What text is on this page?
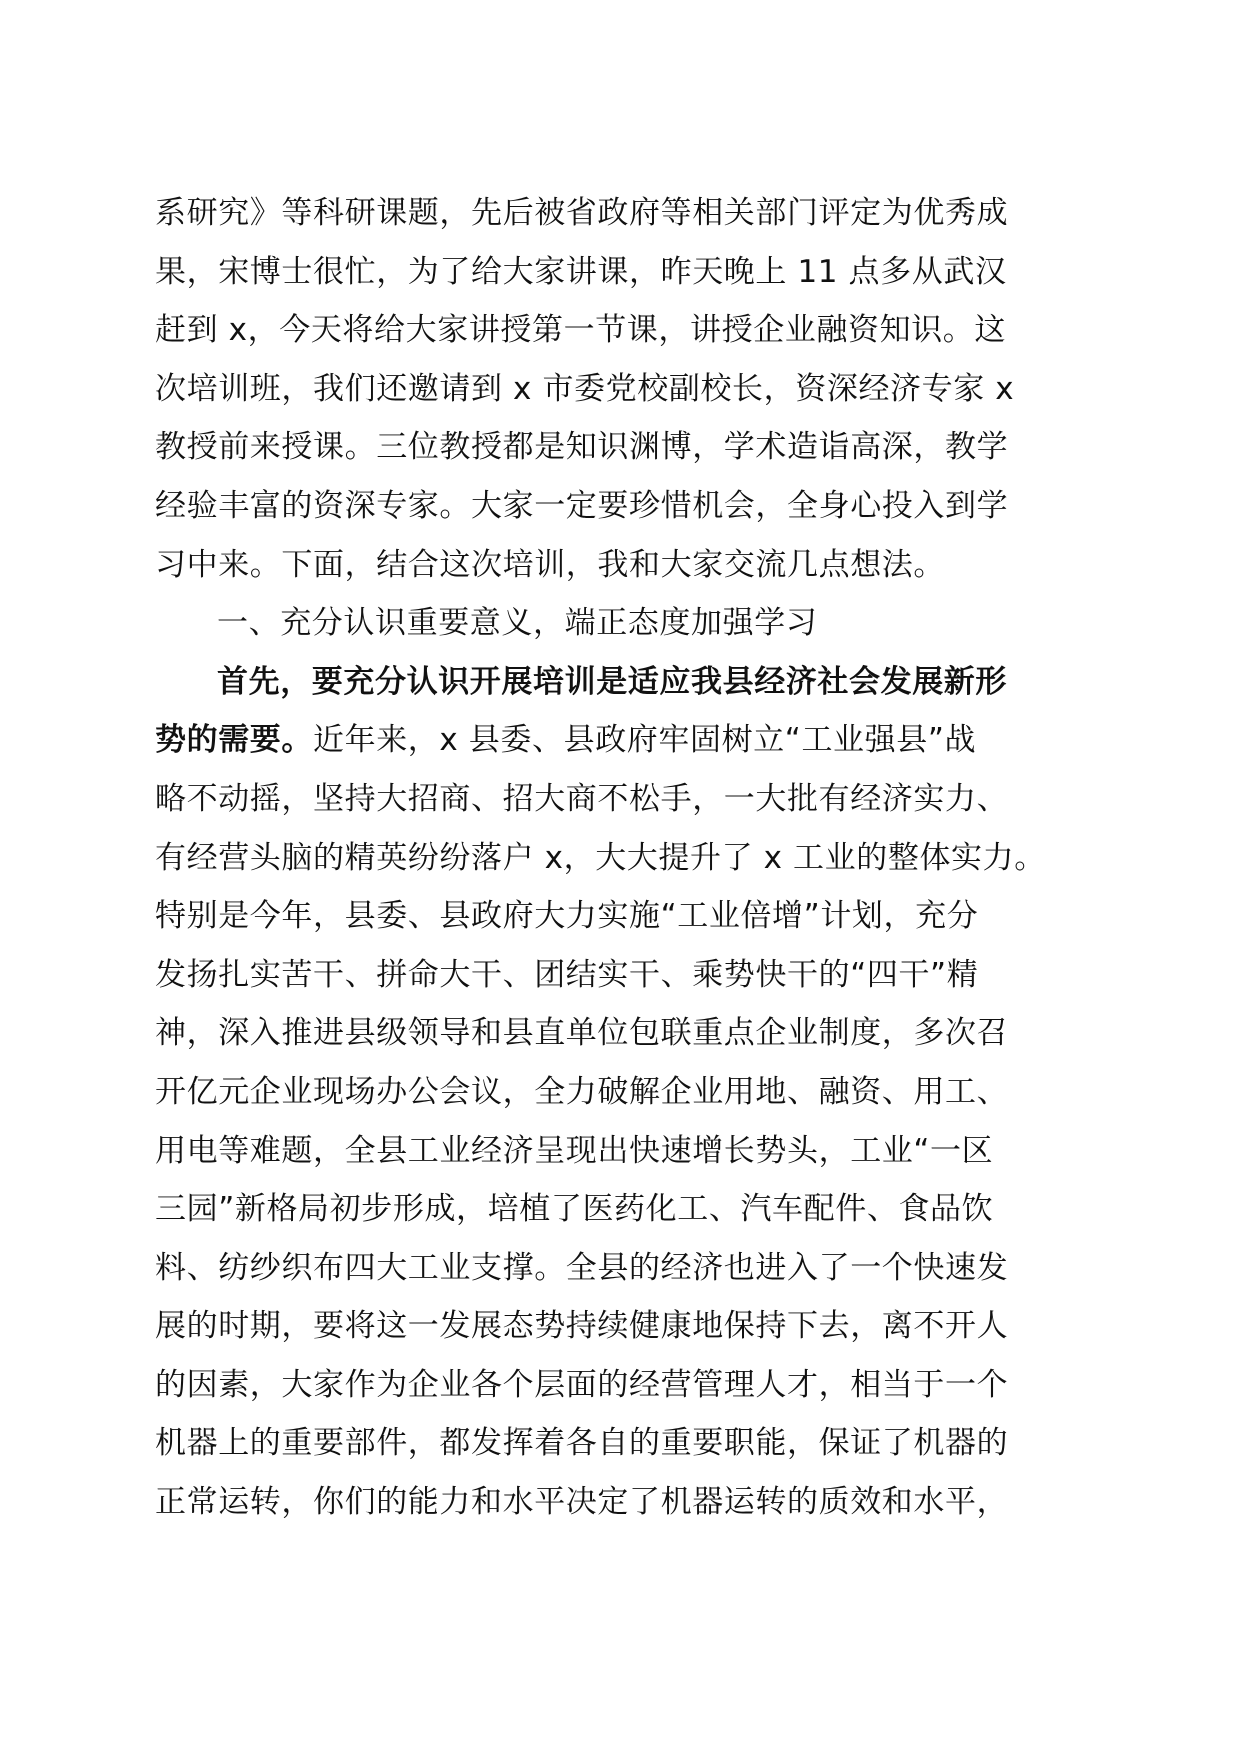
系研究》等科研课题，先后被省政府等相关部门评定为优秀成
果，宋博士很忙，为了给大家讲课，昨天晚上 11 点多从武汉
赶到 x，今天将给大家讲授第一节课，讲授企业融资知识。这
次培训班，我们还邀请到 x 市委党校副校长，资深经济专家 x
教授前来授课。三位教授都是知识渊博，学术造诣高深，教学
经验丰富的资深专家。大家一定要珍惜机会，全身心投入到学
习中来。下面，结合这次培训，我和大家交流几点想法。
一、充分认识重要意义，端正态度加强学习
首先，要充分认识开展培训是适应我县经济社会发展新形
势的需要。近年来，x 县委、县政府牢固树立“工业强县”战
略不动摇，坚持大招商、招大商不松手，一大批有经济实力、
有经营头脑的精英纷纷落户 x，大大提升了 x 工业的整体实力。
特别是今年，县委、县政府大力实施“工业倍增”计划，充分
发扬扎实苦干、拼命大干、团结实干、乘势快干的“四干”精
神，深入推进县级领导和县直单位包联重点企业制度，多次召
开亿元企业现场办公会议，全力破解企业用地、融资、用工、
用电等难题，全县工业经济呈现出快速增长势头，工业“一区
三园”新格局初步形成，培植了医药化工、汽车配件、食品饮
料、纺纱织布四大工业支撑。全县的经济也进入了一个快速发
展的时期，要将这一发展态势持续健康地保持下去，离不开人
的因素，大家作为企业各个层面的经营管理人才，相当于一个
机器上的重要部件，都发挥着各自的重要职能，保证了机器的
正常运转，你们的能力和水平决定了机器运转的质效和水平，
